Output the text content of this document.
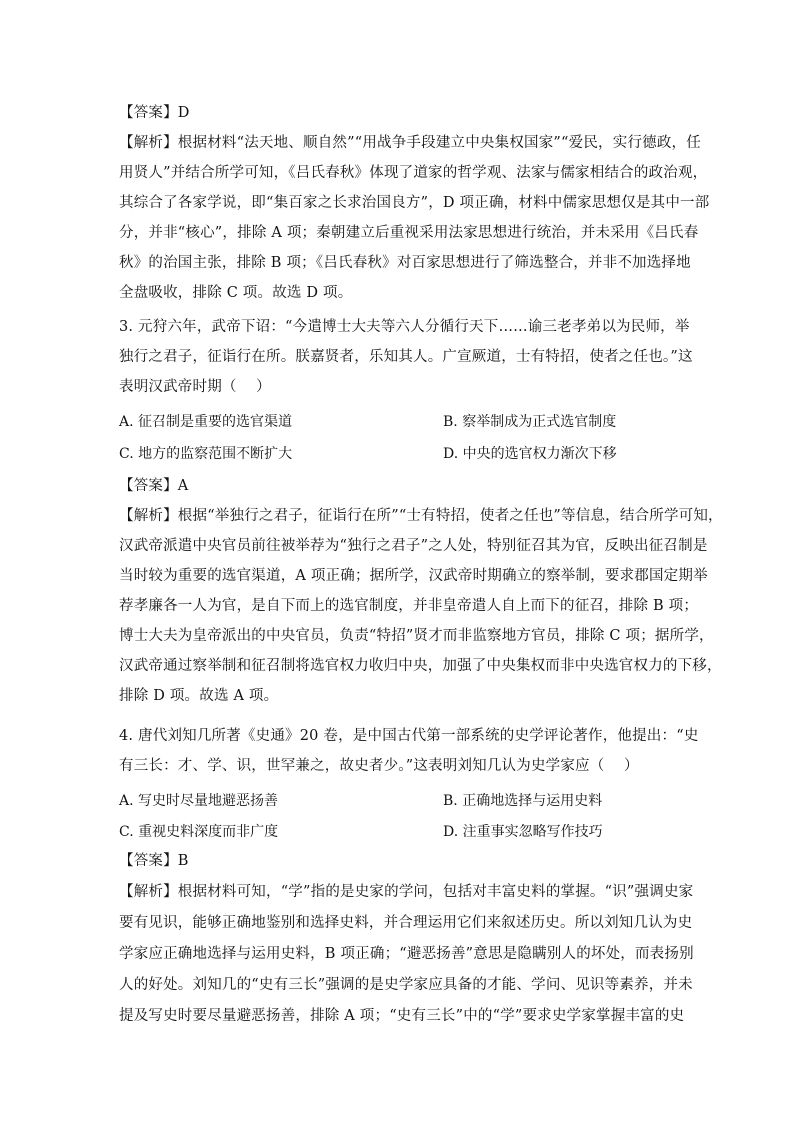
【答案】D
【解析】根据材料“法天地、顺自然”“用战争手段建立中央集权国家”“爱民，实行德政，任
用贤人”并结合所学可知，《吕氏春秋》体现了道家的哲学观、法家与儒家相结合的政治观，
其综合了各家学说，即“集百家之长求治国良方”，D 项正确，材料中儒家思想仅是其中一部
分，并非“核心”，排除 A 项；秦朝建立后重视采用法家思想进行统治，并未采用《吕氏春
秋》的治国主张，排除 B 项；《吕氏春秋》对百家思想进行了筛选整合，并非不加选择地
全盘吸收，排除 C 项。故选 D 项。
3. 元狩六年，武帝下诏：“今遣博士大夫等六人分循行天下……谕三老孝弟以为民师，举
独行之君子，征诣行在所。朕嘉贤者，乐知其人。广宣厥道，士有特招，使者之任也。”这
表明汉武帝时期（　 ）
A. 征召制是重要的选官渠道	B. 察举制成为正式选官制度
C. 地方的监察范围不断扩大	D. 中央的选官权力渐次下移
【答案】A
【解析】根据“举独行之君子，征诣行在所”“士有特招，使者之任也”等信息，结合所学可知，
汉武帝派遣中央官员前往被举荐为“独行之君子”之人处，特别征召其为官，反映出征召制是
当时较为重要的选官渠道，A 项正确；据所学，汉武帝时期确立的察举制，要求郡国定期举
荐孝廉各一人为官，是自下而上的选官制度，并非皇帝遣人自上而下的征召，排除 B 项；
博士大夫为皇帝派出的中央官员，负责“特招”贤才而非监察地方官员，排除 C 项；据所学，
汉武帝通过察举制和征召制将选官权力收归中央，加强了中央集权而非中央选官权力的下移，
排除 D 项。故选 A 项。
4. 唐代刘知几所著《史通》20 卷，是中国古代第一部系统的史学评论著作，他提出：“史
有三长：才、学、识，世罕兼之，故史者少。”这表明刘知几认为史学家应（　 ）
A. 写史时尽量地避恶扬善	B. 正确地选择与运用史料
C. 重视史料深度而非广度	D. 注重事实忽略写作技巧
【答案】B
【解析】根据材料可知，“学”指的是史家的学问，包括对丰富史料的掌握。“识”强调史家
要有见识，能够正确地鉴别和选择史料，并合理运用它们来叙述历史。所以刘知几认为史
学家应正确地选择与运用史料，B 项正确；“避恶扬善”意思是隐瞒别人的坏处，而表扬别
人的好处。刘知几的“史有三长”强调的是史学家应具备的才能、学问、见识等素养，并未
提及写史时要尽量避恶扬善，排除 A 项；“史有三长”中的“学”要求史学家掌握丰富的史
